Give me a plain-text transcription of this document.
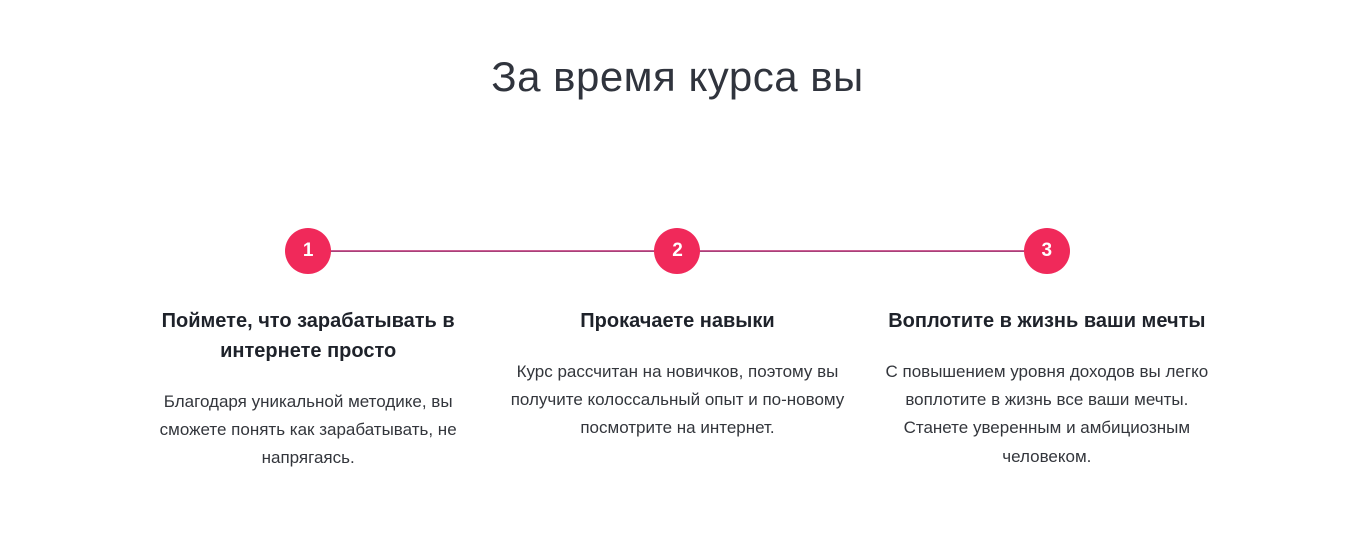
За время курса вы
1
Поймете, что зарабатывать в интернете просто

Благодаря уникальной методике, вы сможете понять как зарабатывать, не напрягаясь.

2
Прокачаете навыки

Курс рассчитан на новичков, поэтому вы получите колоссальный опыт и по-новому посмотрите на интернет.

3
Воплотите в жизнь ваши мечты

С повышением уровня доходов вы легко воплотите в жизнь все ваши мечты. Станете уверенным и амбициозным человеком.
